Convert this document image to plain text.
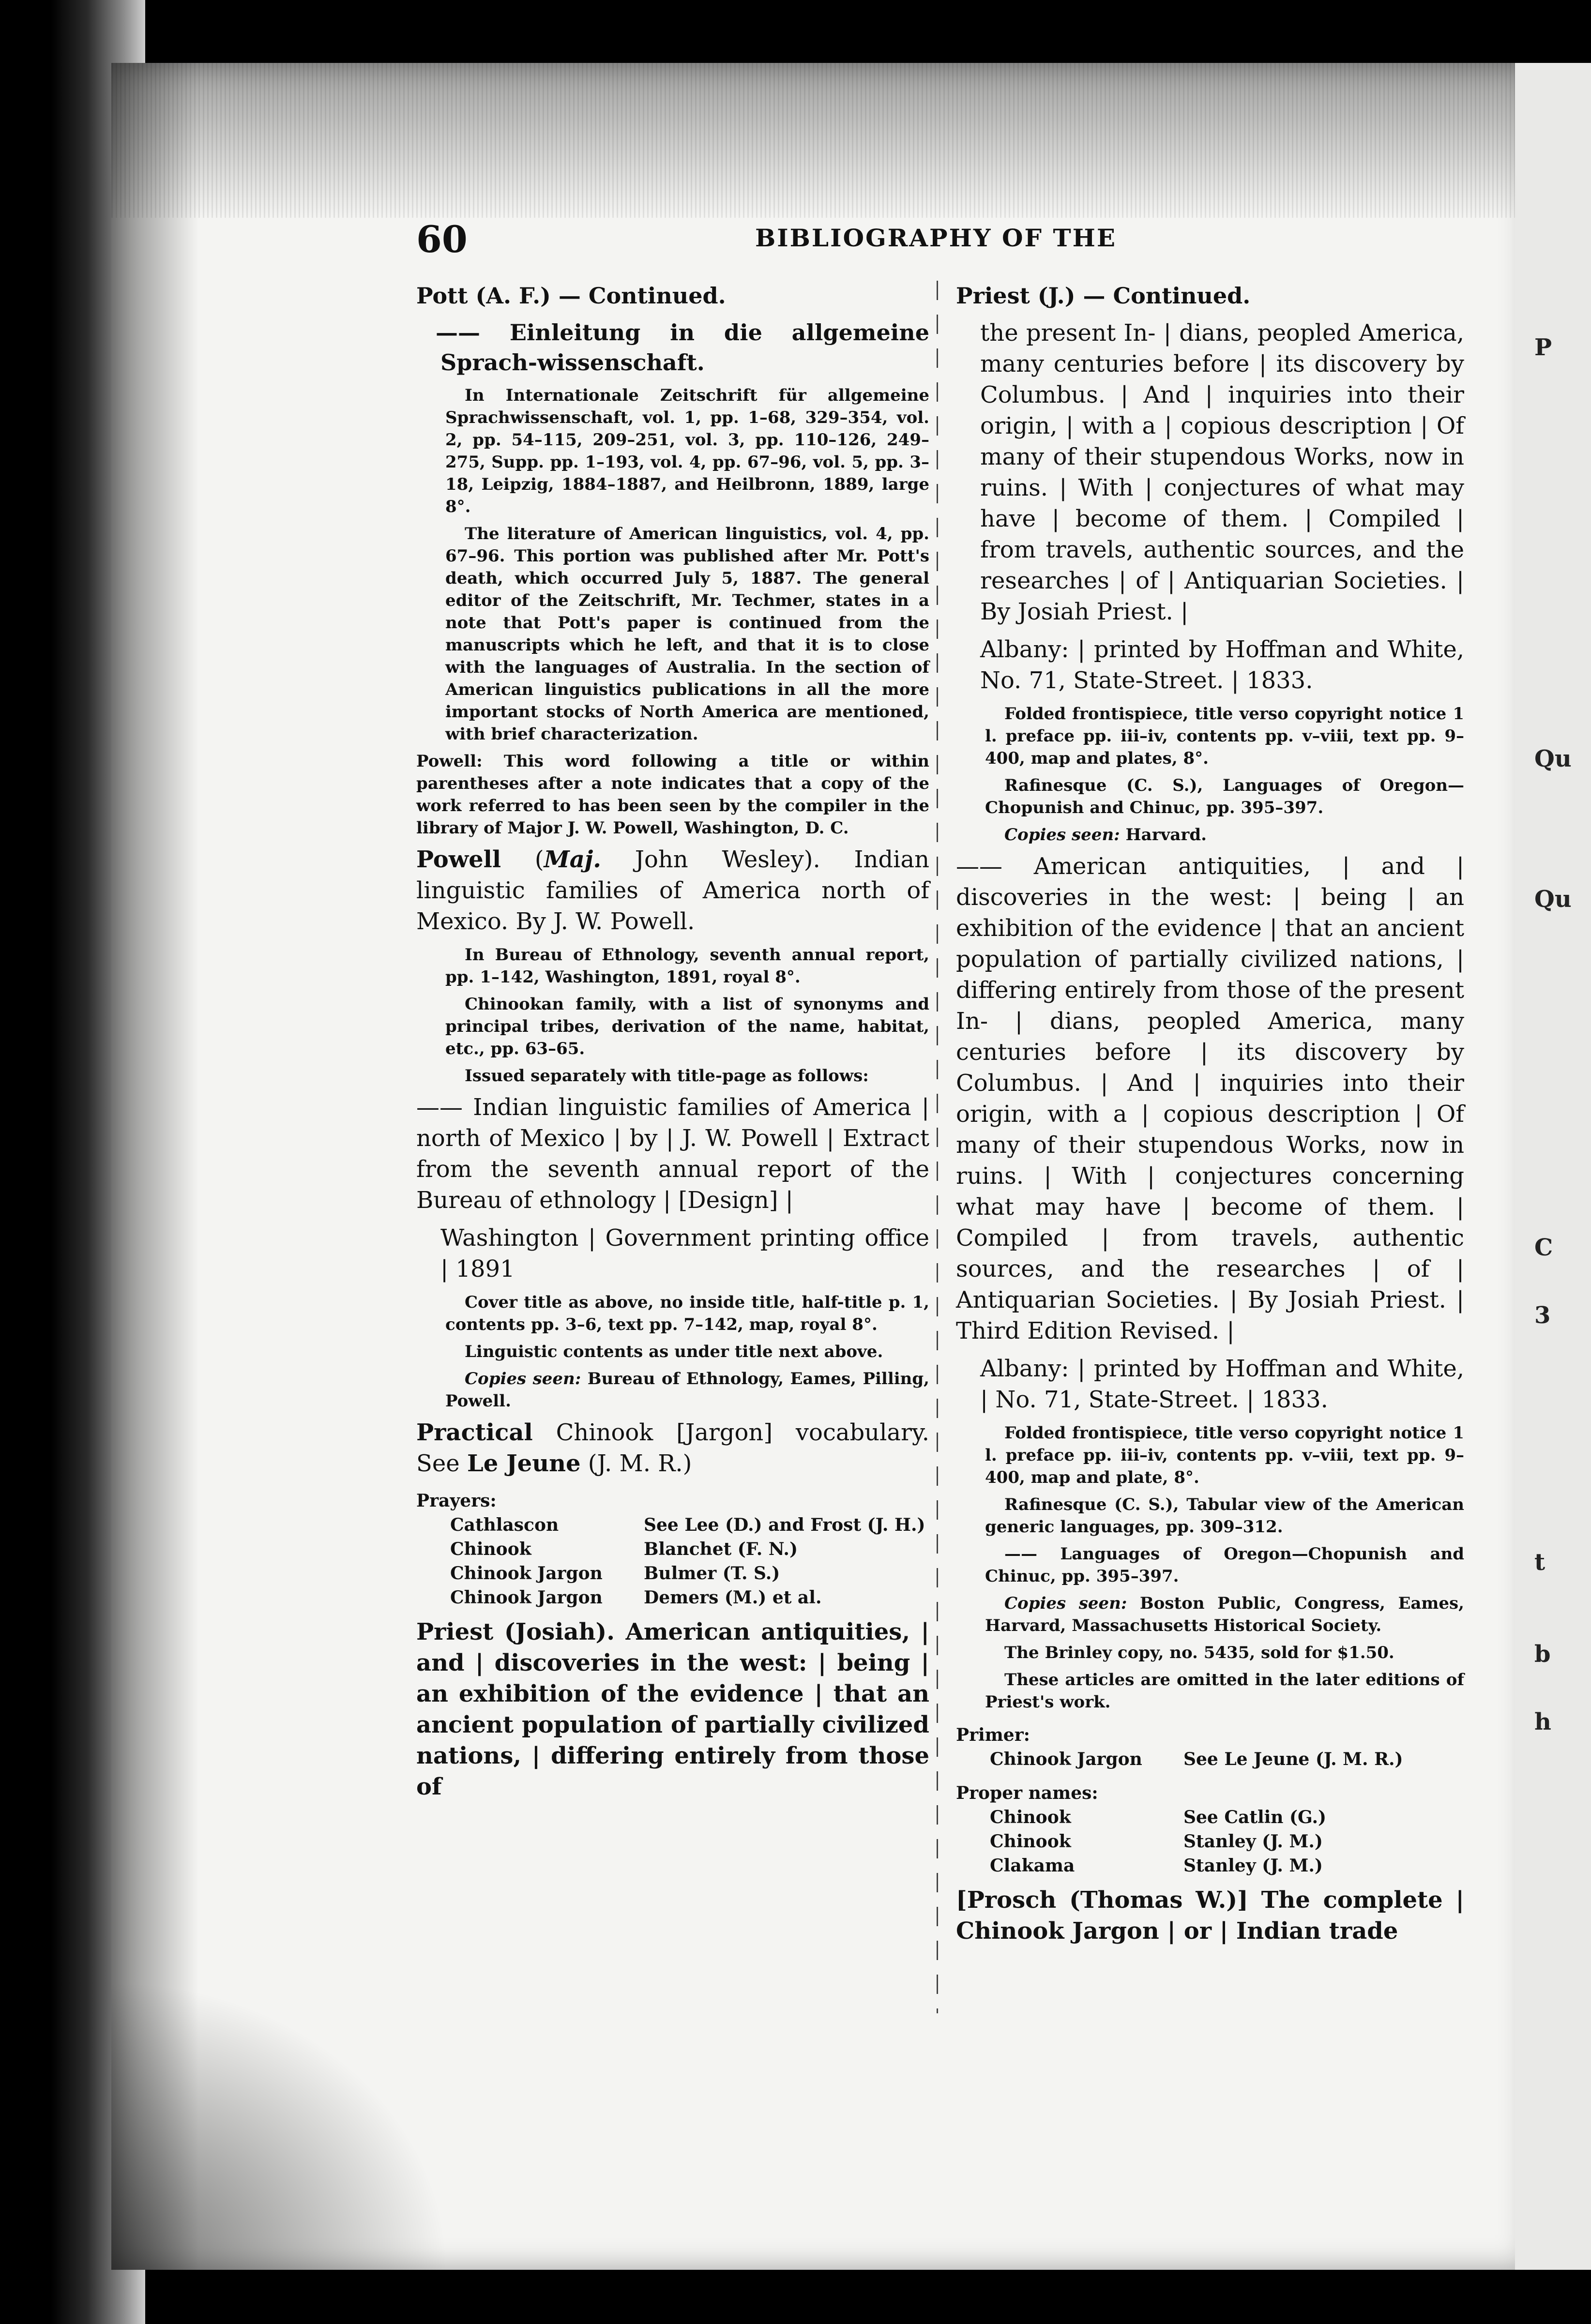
P
Qu
Qu
C
3
t
b
h
60	BIBLIOGRAPHY OF THE
Pott (A. F.) — Continued.
—— Einleitung in die allgemeine Sprach-wissenschaft.
In Internationale Zeitschrift für allgemeine Sprachwissenschaft, vol. 1, pp. 1–68, 329–354, vol. 2, pp. 54–115, 209–251, vol. 3, pp. 110–126, 249–275, Supp. pp. 1–193, vol. 4, pp. 67–96, vol. 5, pp. 3–18, Leipzig, 1884–1887, and Heilbronn, 1889, large 8°.
The literature of American linguistics, vol. 4, pp. 67–96. This portion was published after Mr. Pott's death, which occurred July 5, 1887. The general editor of the Zeitschrift, Mr. Techmer, states in a note that Pott's paper is continued from the manuscripts which he left, and that it is to close with the languages of Australia. In the section of American linguistics publications in all the more important stocks of North America are mentioned, with brief characterization.
Powell: This word following a title or within parentheses after a note indicates that a copy of the work referred to has been seen by the compiler in the library of Major J. W. Powell, Washington, D. C.
Powell (Maj. John Wesley). Indian linguistic families of America north of Mexico. By J. W. Powell.
In Bureau of Ethnology, seventh annual report, pp. 1–142, Washington, 1891, royal 8°.
Chinookan family, with a list of synonyms and principal tribes, derivation of the name, habitat, etc., pp. 63–65.
Issued separately with title-page as follows:
—— Indian linguistic families of America | north of Mexico | by | J. W. Powell | Extract from the seventh annual report of the Bureau of ethnology | [Design] |
Washington | Government printing office | 1891
Cover title as above, no inside title, half-title p. 1, contents pp. 3–6, text pp. 7–142, map, royal 8°.
Linguistic contents as under title next above.
Copies seen: Bureau of Ethnology, Eames, Pilling, Powell.
Practical Chinook [Jargon] vocabulary. See Le Jeune (J. M. R.)
Prayers:
Cathlascon	See Lee (D.) and Frost (J. H.)
Chinook	Blanchet (F. N.)
Chinook Jargon	Bulmer (T. S.)
Chinook Jargon	Demers (M.) et al.
Priest (Josiah). American antiquities, | and | discoveries in the west: | being | an exhibition of the evidence | that an ancient population of partially civilized nations, | differing entirely from those of
Priest (J.) — Continued.
the present In- | dians, peopled America, many centuries before | its discovery by Columbus. | And | inquiries into their origin, | with a | copious description | Of many of their stupendous Works, now in ruins. | With | conjectures of what may have | become of them. | Compiled | from travels, authentic sources, and the researches | of | Antiquarian Societies. | By Josiah Priest. |
Albany: | printed by Hoffman and White, No. 71, State-Street. | 1833.
Folded frontispiece, title verso copyright notice 1 l. preface pp. iii–iv, contents pp. v–viii, text pp. 9–400, map and plates, 8°.
Rafinesque (C. S.), Languages of Oregon—Chopunish and Chinuc, pp. 395–397.
Copies seen: Harvard.
—— American antiquities, | and | discoveries in the west: | being | an exhibition of the evidence | that an ancient population of partially civilized nations, | differing entirely from those of the present In- | dians, peopled America, many centuries before | its discovery by Columbus. | And | inquiries into their origin, with a | copious description | Of many of their stupendous Works, now in ruins. | With | conjectures concerning what may have | become of them. | Compiled | from travels, authentic sources, and the researches | of | Antiquarian Societies. | By Josiah Priest. | Third Edition Revised. |
Albany: | printed by Hoffman and White, | No. 71, State-Street. | 1833.
Folded frontispiece, title verso copyright notice 1 l. preface pp. iii–iv, contents pp. v–viii, text pp. 9–400, map and plate, 8°.
Rafinesque (C. S.), Tabular view of the American generic languages, pp. 309–312.
—— Languages of Oregon—Chopunish and Chinuc, pp. 395–397.
Copies seen: Boston Public, Congress, Eames, Harvard, Massachusetts Historical Society.
The Brinley copy, no. 5435, sold for $1.50.
These articles are omitted in the later editions of Priest's work.
Primer:
Chinook Jargon	See Le Jeune (J. M. R.)
Proper names:
Chinook	See Catlin (G.)
Chinook	Stanley (J. M.)
Clakama	Stanley (J. M.)
[Prosch (Thomas W.)] The complete | Chinook Jargon | or | Indian trade
